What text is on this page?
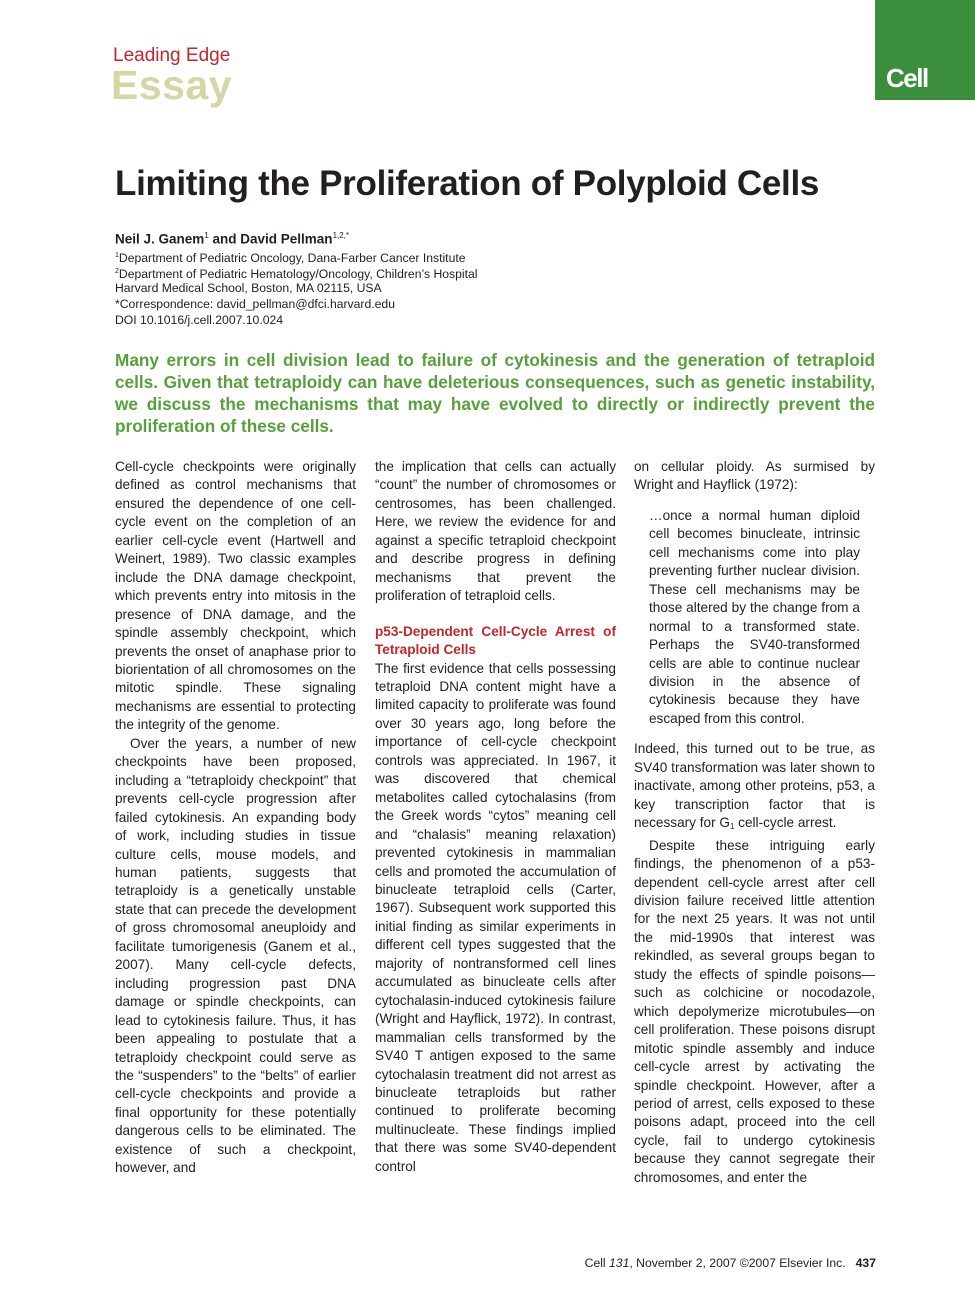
Leading Edge
Essay	Cell
Limiting the Proliferation of Polyploid Cells
Neil J. Ganem$^1$ and David Pellman$^{1,2,*}$
$^1$Department of Pediatric Oncology, Dana-Farber Cancer Institute
$^2$Department of Pediatric Hematology/Oncology, Children’s Hospital
Harvard Medical School, Boston, MA 02115, USA
*Correspondence: david_pellman@dfci.harvard.edu
DOI 10.1016/j.cell.2007.10.024

Many errors in cell division lead to failure of cytokinesis and the generation of tetraploid cells. Given that tetraploidy can have deleterious consequences, such as genetic instability, we discuss the mechanisms that may have evolved to directly or indirectly prevent the proliferation of these cells.

Cell-cycle checkpoints were originally defined as control mechanisms that ensured the dependence of one cell-cycle event on the completion of an earlier cell-cycle event (Hartwell and Weinert, 1989). Two classic examples include the DNA damage checkpoint, which prevents entry into mitosis in the presence of DNA damage, and the spindle assembly checkpoint, which prevents the onset of anaphase prior to biorientation of all chromosomes on the mitotic spindle. These signaling mechanisms are essential to protecting the integrity of the genome.

Over the years, a number of new checkpoints have been proposed, including a “tetraploidy checkpoint” that prevents cell-cycle progression after failed cytokinesis. An expanding body of work, including studies in tissue culture cells, mouse models, and human patients, suggests that tetraploidy is a genetically unstable state that can precede the development of gross chromosomal aneuploidy and facilitate tumorigenesis (Ganem et al., 2007). Many cell-cycle defects, including progression past DNA damage or spindle checkpoints, can lead to cytokinesis failure. Thus, it has been appealing to postulate that a tetraploidy checkpoint could serve as the “suspenders” to the “belts” of earlier cell-cycle checkpoints and provide a final opportunity for these potentially dangerous cells to be eliminated. The existence of such a checkpoint, however, and

the implication that cells can actually “count” the number of chromosomes or centrosomes, has been challenged. Here, we review the evidence for and against a specific tetraploid checkpoint and describe progress in defining mechanisms that prevent the proliferation of tetraploid cells.

p53-Dependent Cell-Cycle Arrest of Tetraploid Cells

The first evidence that cells possessing tetraploid DNA content might have a limited capacity to proliferate was found over 30 years ago, long before the importance of cell-cycle checkpoint controls was appreciated. In 1967, it was discovered that chemical metabolites called cytochalasins (from the Greek words “cytos” meaning cell and “chalasis” meaning relaxation) prevented cytokinesis in mammalian cells and promoted the accumulation of binucleate tetraploid cells (Carter, 1967). Subsequent work supported this initial finding as similar experiments in different cell types suggested that the majority of nontransformed cell lines accumulated as binucleate cells after cytochalasin-induced cytokinesis failure (Wright and Hayflick, 1972). In contrast, mammalian cells transformed by the SV40 T antigen exposed to the same cytochalasin treatment did not arrest as binucleate tetraploids but rather continued to proliferate becoming multinucleate. These findings implied that there was some SV40-dependent control

on cellular ploidy. As surmised by Wright and Hayflick (1972):

…once a normal human diploid cell becomes binucleate, intrinsic cell mechanisms come into play preventing further nuclear division. These cell mechanisms may be those altered by the change from a normal to a transformed state. Perhaps the SV40-transformed cells are able to continue nuclear division in the absence of cytokinesis because they have escaped from this control.

Indeed, this turned out to be true, as SV40 transformation was later shown to inactivate, among other proteins, p53, a key transcription factor that is necessary for $G_1$ cell-cycle arrest.

Despite these intriguing early findings, the phenomenon of a p53-dependent cell-cycle arrest after cell division failure received little attention for the next 25 years. It was not until the mid-1990s that interest was rekindled, as several groups began to study the effects of spindle poisons—such as colchicine or nocodazole, which depolymerize microtubules—on cell proliferation. These poisons disrupt mitotic spindle assembly and induce cell-cycle arrest by activating the spindle checkpoint. However, after a period of arrest, cells exposed to these poisons adapt, proceed into the cell cycle, fail to undergo cytokinesis because they cannot segregate their chromosomes, and enter the

Cell 131, November 2, 2007 ©2007 Elsevier Inc. 437
